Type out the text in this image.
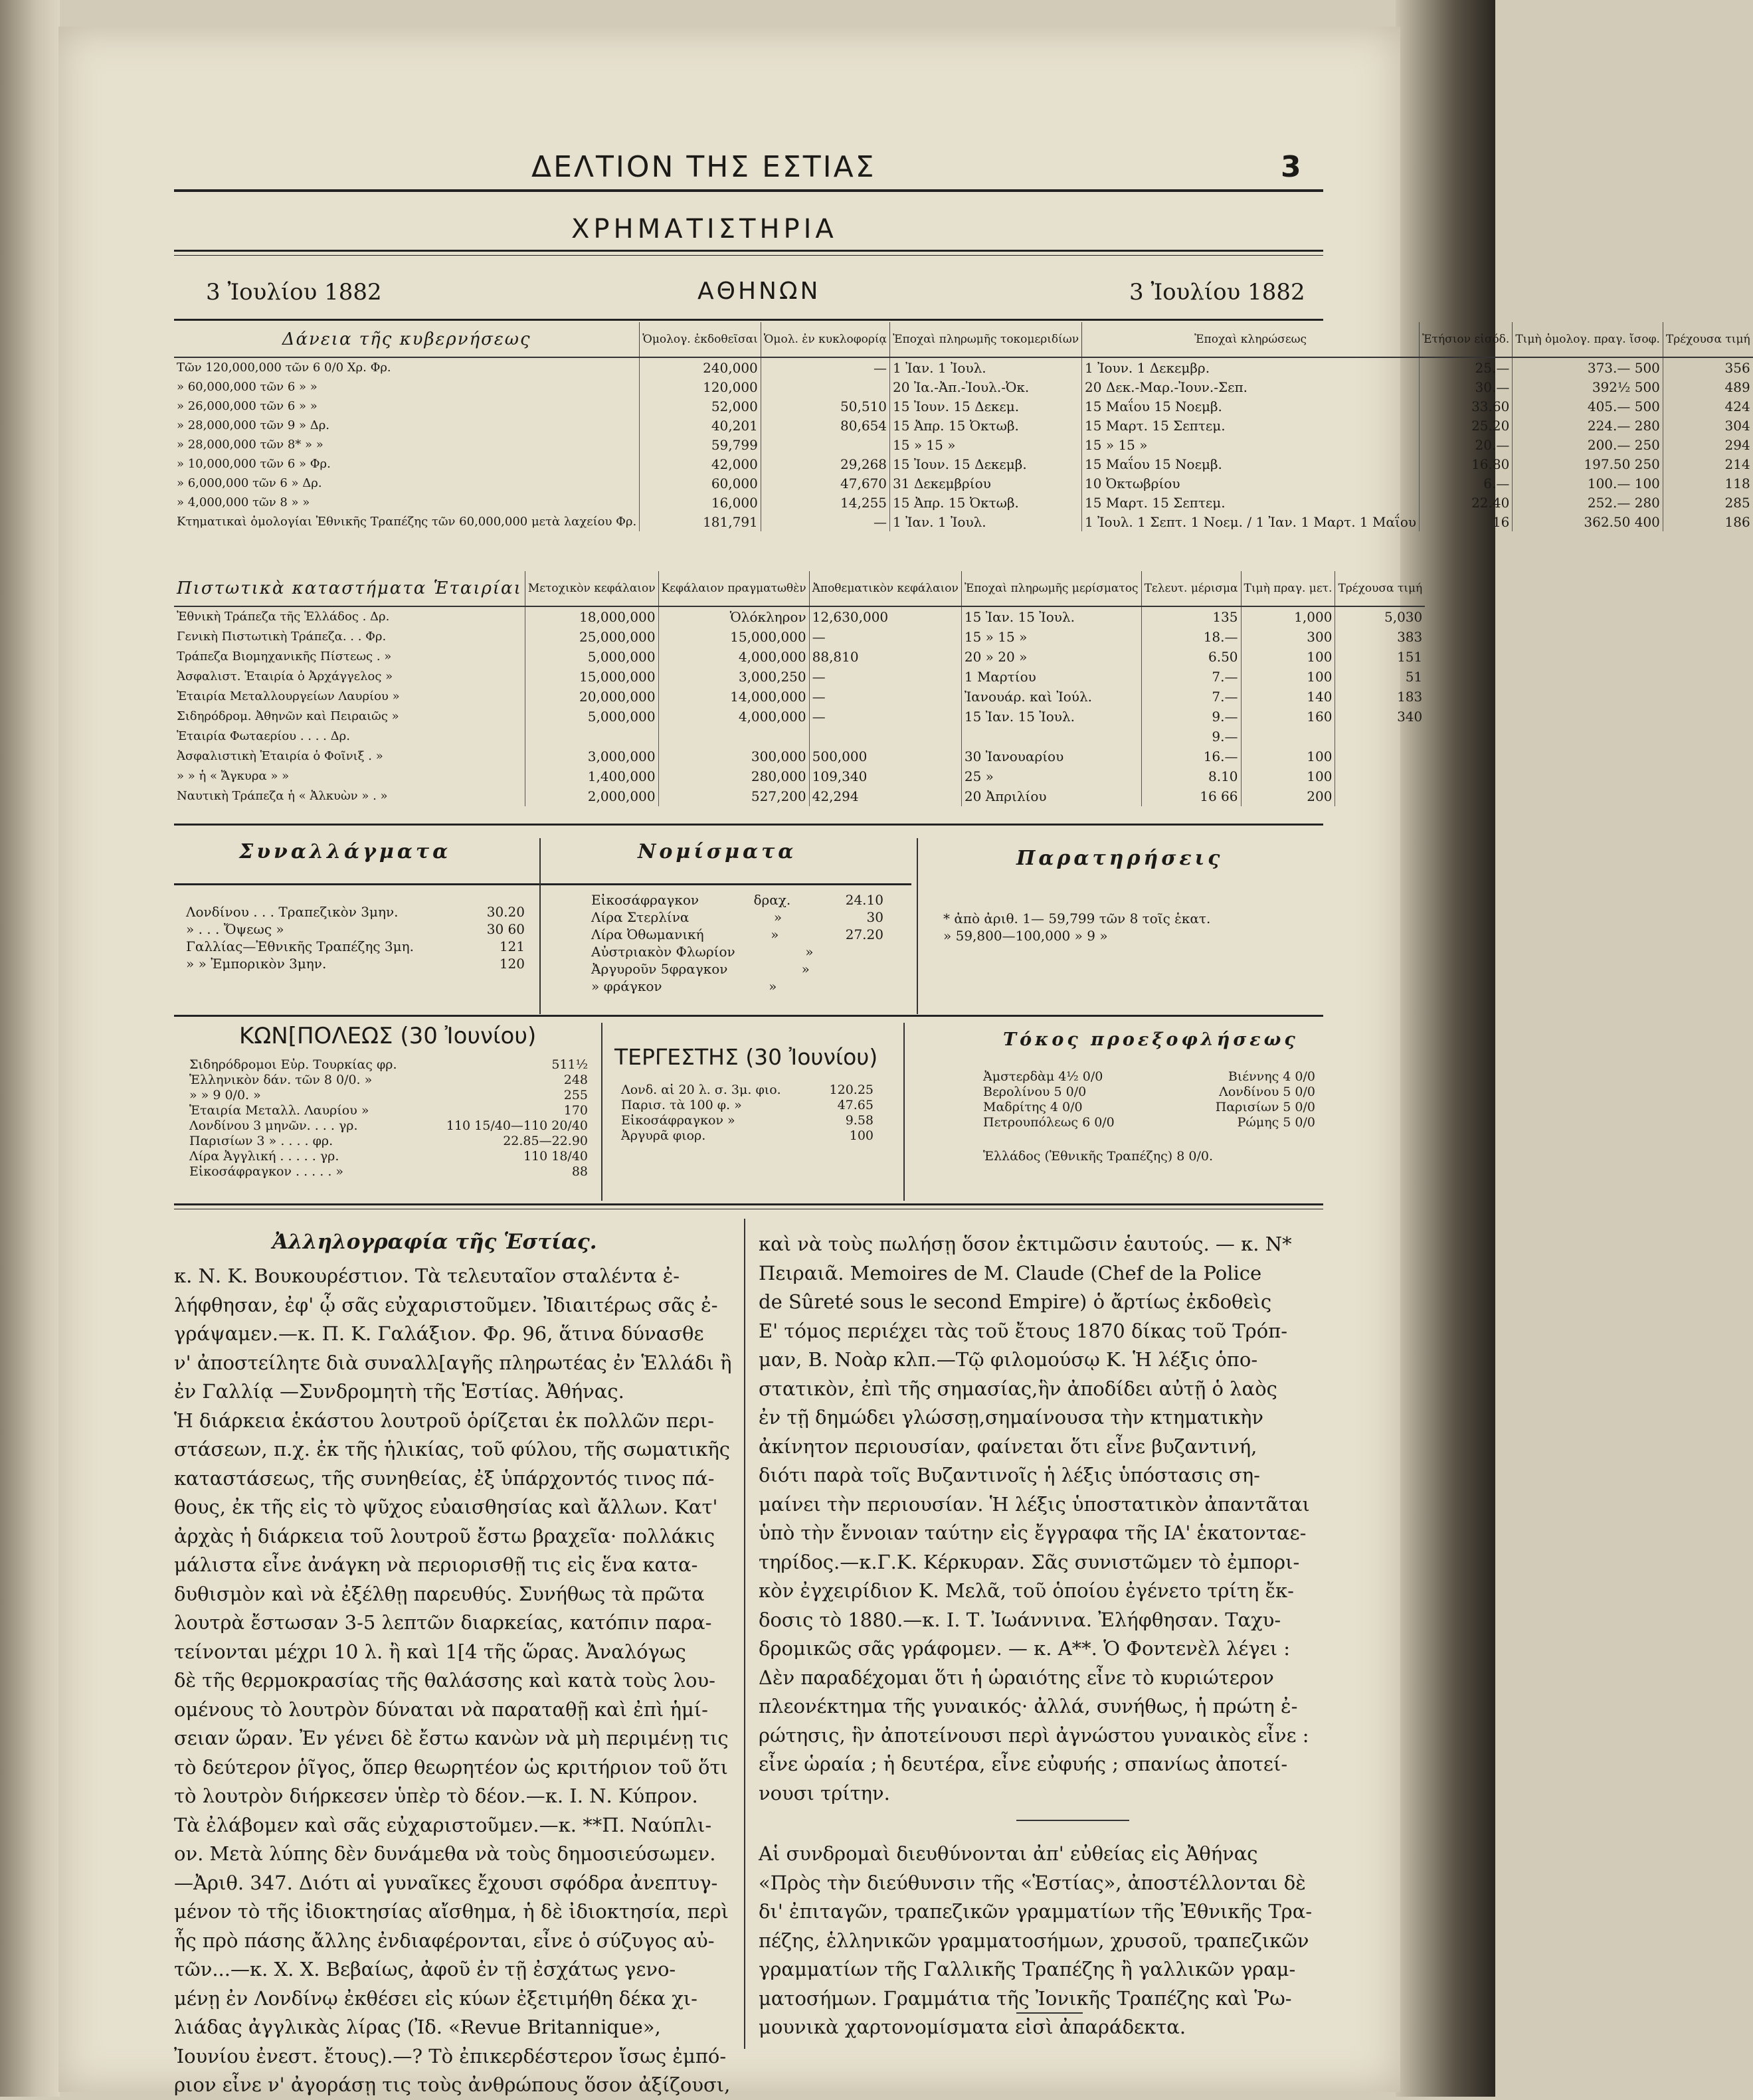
ΔΕΛΤΙΟΝ ΤΗΣ ΕΣΤΙΑΣ	3
ΧΡΗΜΑΤΙΣΤΗΡΙΑ
3 Ἰουλίου 1882	ΑΘΗΝΩΝ	3 Ἰουλίου 1882
Δάνεια τῆς κυβερνήσεως	Ὁμολογ. ἐκδοθεῖσαι	Ὁμολ. ἐν κυκλοφορίᾳ	Ἐποχαὶ πληρωμῆς τοκομεριδίων	Ἐποχαὶ κληρώσεως	Ἐτήσιον εἰσόδ.	Τιμὴ ὁμολογ. πραγ. ἴσοφ.	Τρέχουσα τιμή
Τῶν 120,000,000 τῶν 6 0/0 Χρ. Φρ.	240,000	—	1 Ἰαν. 1 Ἰουλ.	1 Ἰουν. 1 Δεκεμβρ.	25.—	373.— 500	356
» 60,000,000 τῶν 6 » »	120,000		20 Ἰα.-Ἀπ.-Ἰουλ.-Ὀκ.	20 Δεκ.-Μαρ.-Ἰουν.-Σεπ.	30.—	392½ 500	489
» 26,000,000 τῶν 6 » »	52,000	50,510	15 Ἰουν. 15 Δεκεμ.	15 Μαΐου 15 Νοεμβ.	33.60	405.— 500	424
» 28,000,000 τῶν 9 » Δρ.	40,201	80,654	15 Ἀπρ. 15 Ὀκτωβ.	15 Μαρτ. 15 Σεπτεμ.	25.20	224.— 280	304
» 28,000,000 τῶν 8* » »	59,799		15 » 15 »	15 » 15 »	20.—	200.— 250	294
» 10,000,000 τῶν 6 » Φρ.	42,000	29,268	15 Ἰουν. 15 Δεκεμβ.	15 Μαΐου 15 Νοεμβ.	16.80	197.50 250	214
» 6,000,000 τῶν 6 » Δρ.	60,000	47,670	31 Δεκεμβρίου	10 Ὀκτωβρίου	6.—	100.— 100	118
» 4,000,000 τῶν 8 » »	16,000	14,255	15 Ἀπρ. 15 Ὀκτωβ.	15 Μαρτ. 15 Σεπτεμ.	22.40	252.— 280	285
Κτηματικαὶ ὁμολογίαι Ἐθνικῆς Τραπέζης τῶν 60,000,000 μετὰ λαχείου Φρ.	181,791	—	1 Ἰαν. 1 Ἰουλ.	1 Ἰουλ. 1 Σεπτ. 1 Νοεμ. / 1 Ἰαν. 1 Μαρτ. 1 Μαΐου	16	362.50 400	186
Πιστωτικὰ καταστήματα Ἑταιρίαι	Μετοχικὸν κεφάλαιον	Κεφάλαιον πραγματωθὲν	Ἀποθεματικὸν κεφάλαιον	Ἐποχαὶ πληρωμῆς μερίσματος	Τελευτ. μέρισμα	Τιμὴ πραγ. μετ.	Τρέχουσα τιμή
Ἐθνικὴ Τράπεζα τῆς Ἑλλάδος . Δρ.	18,000,000	Ὁλόκληρον	12,630,000	15 Ἰαν. 15 Ἰουλ.	135	1,000	5,030
Γενικὴ Πιστωτικὴ Τράπεζα. . . Φρ.	25,000,000	15,000,000	—	15 » 15 »	18.—	300	383
Τράπεζα Βιομηχανικῆς Πίστεως . »	5,000,000	4,000,000	88,810	20 » 20 »	6.50	100	151
Ἀσφαλιστ. Ἑταιρία ὁ Ἀρχάγγελος »	15,000,000	3,000,250	—	1 Μαρτίου	7.—	100	51
Ἑταιρία Μεταλλουργείων Λαυρίου »	20,000,000	14,000,000	—	Ἰανουάρ. καὶ Ἰούλ.	7.—	140	183
Σιδηρόδρομ. Ἀθηνῶν καὶ Πειραιῶς »	5,000,000	4,000,000	—	15 Ἰαν. 15 Ἰουλ.	9.—	160	340
Ἑταιρία Φωταερίου . . . . Δρ.					9.—		
Ἀσφαλιστικὴ Ἑταιρία ὁ Φοῖνιξ . »	3,000,000	300,000	500,000	30 Ἰανουαρίου	16.—	100	
» » ἡ « Ἄγκυρα » »	1,400,000	280,000	109,340	25 »	8.10	100	
Ναυτικὴ Τράπεζα ἡ « Ἀλκυὼν » . »	2,000,000	527,200	42,294	20 Ἀπριλίου	16 66	200	
Συναλλάγματα	Νομίσματα	Παρατηρήσεις
Λονδίνου . . . Τραπεζικὸν 3μην.	30.20
» . . . Ὄψεως »	30 60
Γαλλίας—Ἐθνικῆς Τραπέζης 3μη.	121
» » Ἐμπορικὸν 3μην.	120
Εἰκοσάφραγκον	δραχ.	24.10
Λίρα Στερλίνα	»	30
Λίρα Ὀθωμανική	»	27.20
Αὐστριακὸν Φλωρίον	»
Ἀργυροῦν 5φραγκον	»
» φράγκον	»
* ἀπὸ ἀριθ. 1— 59,799 τῶν 8 τοῖς ἑκατ.
» 59,800—100,000 » 9 »
ΚΩΝ[ΠΟΛΕΩΣ (30 Ἰουνίου)
Σιδηρόδρομοι Εὐρ. Τουρκίας φρ.	511½
Ἑλληνικὸν δάν. τῶν 8 0/0. »	248
» » 9 0/0. »	255
Ἑταιρία Μεταλλ. Λαυρίου »	170
Λονδίνου 3 μηνῶν. . . . γρ.	110 15/40—110 20/40
Παρισίων 3 » . . . . φρ.	22.85—22.90
Λίρα Ἀγγλική . . . . . γρ.	110 18/40
Εἰκοσάφραγκον . . . . . »	88
ΤΕΡΓΕΣΤΗΣ (30 Ἰουνίου)
Λονδ. αἱ 20 λ. σ. 3μ. φιο.	120.25
Παρισ. τὰ 100 φ. »	47.65
Εἰκοσάφραγκον »	9.58
Ἀργυρᾶ φιορ.	100
Τόκος προεξοφλήσεως
Ἀμστερδὰμ 4½ 0/0	Βιέννης 4 0/0
Βερολίνου 5 0/0	Λονδίνου 5 0/0
Μαδρίτης 4 0/0	Παρισίων 5 0/0
Πετρουπόλεως 6 0/0	Ρώμης 5 0/0
Ἑλλάδος (Ἐθνικῆς Τραπέζης) 8 0/0.
Ἀλληλογραφία τῆς Ἑστίας.
κ. Ν. Κ. Βουκουρέστιον. Τὰ τελευταῖον σταλέντα ἐ-
λήφθησαν, ἐφ' ᾧ σᾶς εὐχαριστοῦμεν. Ἰδιαιτέρως σᾶς ἐ-
γράψαμεν.—κ. Π. Κ. Γαλάξιον. Φρ. 96, ἅτινα δύνασθε
ν' ἀποστείλητε διὰ συναλλ[αγῆς πληρωτέας ἐν Ἑλλάδι ἢ
ἐν Γαλλίᾳ —Συνδρομητὴ τῆς Ἑστίας. Ἀθήνας.
Ἡ διάρκεια ἑκάστου λουτροῦ ὁρίζεται ἐκ πολλῶν περι-
στάσεων, π.χ. ἐκ τῆς ἡλικίας, τοῦ φύλου, τῆς σωματικῆς
καταστάσεως, τῆς συνηθείας, ἐξ ὑπάρχοντός τινος πά-
θους, ἐκ τῆς εἰς τὸ ψῦχος εὐαισθησίας καὶ ἄλλων. Κατ'
ἀρχὰς ἡ διάρκεια τοῦ λουτροῦ ἔστω βραχεῖα· πολλάκις
μάλιστα εἶνε ἀνάγκη νὰ περιορισθῇ τις εἰς ἕνα κατα-
δυθισμὸν καὶ νὰ ἐξέλθῃ παρευθύς. Συνήθως τὰ πρῶτα
λουτρὰ ἔστωσαν 3-5 λεπτῶν διαρκείας, κατόπιν παρα-
τείνονται μέχρι 10 λ. ἢ καὶ 1[4 τῆς ὥρας. Ἀναλόγως
δὲ τῆς θερμοκρασίας τῆς θαλάσσης καὶ κατὰ τοὺς λου-
ομένους τὸ λουτρὸν δύναται νὰ παραταθῇ καὶ ἐπὶ ἡμί-
σειαν ὥραν. Ἐν γένει δὲ ἔστω κανὼν νὰ μὴ περιμένῃ τις
τὸ δεύτερον ῥῖγος, ὅπερ θεωρητέον ὡς κριτήριον τοῦ ὅτι
τὸ λουτρὸν διήρκεσεν ὑπὲρ τὸ δέον.—κ. Ι. Ν. Κύπρον.
Τὰ ἐλάβομεν καὶ σᾶς εὐχαριστοῦμεν.—κ. **Π. Ναύπλι-
ον. Μετὰ λύπης δὲν δυνάμεθα νὰ τοὺς δημοσιεύσωμεν.
—Ἀριθ. 347. Διότι αἱ γυναῖκες ἔχουσι σφόδρα ἀνεπτυγ-
μένον τὸ τῆς ἰδιοκτησίας αἴσθημα, ἡ δὲ ἰδιοκτησία, περὶ
ἧς πρὸ πάσης ἄλλης ἐνδιαφέρονται, εἶνε ὁ σύζυγος αὐ-
τῶν...—κ. Χ. Χ. Βεβαίως, ἀφοῦ ἐν τῇ ἐσχάτως γενο-
μένῃ ἐν Λονδίνῳ ἐκθέσει εἰς κύων ἐξετιμήθη δέκα χι-
λιάδας ἀγγλικὰς λίρας (Ἰδ. «Revue Britannique»,
Ἰουνίου ἐνεστ. ἔτους).—? Τὸ ἐπικερδέστερον ἴσως ἐμπό-
ριον εἶνε ν' ἀγοράσῃ τις τοὺς ἀνθρώπους ὅσον ἀξίζουσι,
καὶ νὰ τοὺς πωλήσῃ ὅσον ἐκτιμῶσιν ἑαυτούς. — κ. Ν*
Πειραιᾶ. Memoires de M. Claude (Chef de la Police
de Sûreté sous le second Empire) ὁ ἄρτίως ἐκδοθεὶς
Ε' τόμος περιέχει τὰς τοῦ ἔτους 1870 δίκας τοῦ Τρόπ-
μαν, Β. Νοὰρ κλπ.—Τῷ φιλομούσῳ Κ. Ἡ λέξις ὁπο-
στατικὸν, ἐπὶ τῆς σημασίας,ἣν ἀποδίδει αὐτῇ ὁ λαὸς
ἐν τῇ δημώδει γλώσσῃ,σημαίνουσα τὴν κτηματικὴν
ἀκίνητον περιουσίαν, φαίνεται ὅτι εἶνε βυζαντινή,
διότι παρὰ τοῖς Βυζαντινοῖς ἡ λέξις ὑπόστασις ση-
μαίνει τὴν περιουσίαν. Ἡ λέξις ὑποστατικὸν ἀπαντᾶται
ὑπὸ τὴν ἔννοιαν ταύτην εἰς ἔγγραφα τῆς ΙΑ' ἑκατονταε-
τηρίδος.—κ.Γ.Κ. Κέρκυραν. Σᾶς συνιστῶμεν τὸ ἐμπορι-
κὸν ἐγχειρίδιον Κ. Μελᾶ, τοῦ ὁποίου ἐγένετο τρίτη ἔκ-
δοσις τὸ 1880.—κ. Ι. Τ. Ἰωάννινα. Ἐλήφθησαν. Ταχυ-
δρομικῶς σᾶς γράφομεν. — κ. Α**. Ὁ Φοντενὲλ λέγει :
Δὲν παραδέχομαι ὅτι ἡ ὡραιότης εἶνε τὸ κυριώτερον
πλεονέκτημα τῆς γυναικός· ἀλλά, συνήθως, ἡ πρώτη ἐ-
ρώτησις, ἣν ἀποτείνουσι περὶ ἀγνώστου γυναικὸς εἶνε :
εἶνε ὡραία ; ἡ δευτέρα, εἶνε εὐφυής ; σπανίως ἀποτεί-
νουσι τρίτην.
Αἱ συνδρομαὶ διευθύνονται ἀπ' εὐθείας εἰς Ἀθήνας
«Πρὸς τὴν διεύθυνσιν τῆς «Ἑστίας», ἀποστέλλονται δὲ
δι' ἐπιταγῶν, τραπεζικῶν γραμματίων τῆς Ἐθνικῆς Τρα-
πέζης, ἑλληνικῶν γραμματοσήμων, χρυσοῦ, τραπεζικῶν
γραμματίων τῆς Γαλλικῆς Τραπέζης ἢ γαλλικῶν γραμ-
ματοσήμων. Γραμμάτια τῆς Ἰονικῆς Τραπέζης καὶ Ῥω-
μουνικὰ χαρτονομίσματα εἰσὶ ἀπαράδεκτα.
